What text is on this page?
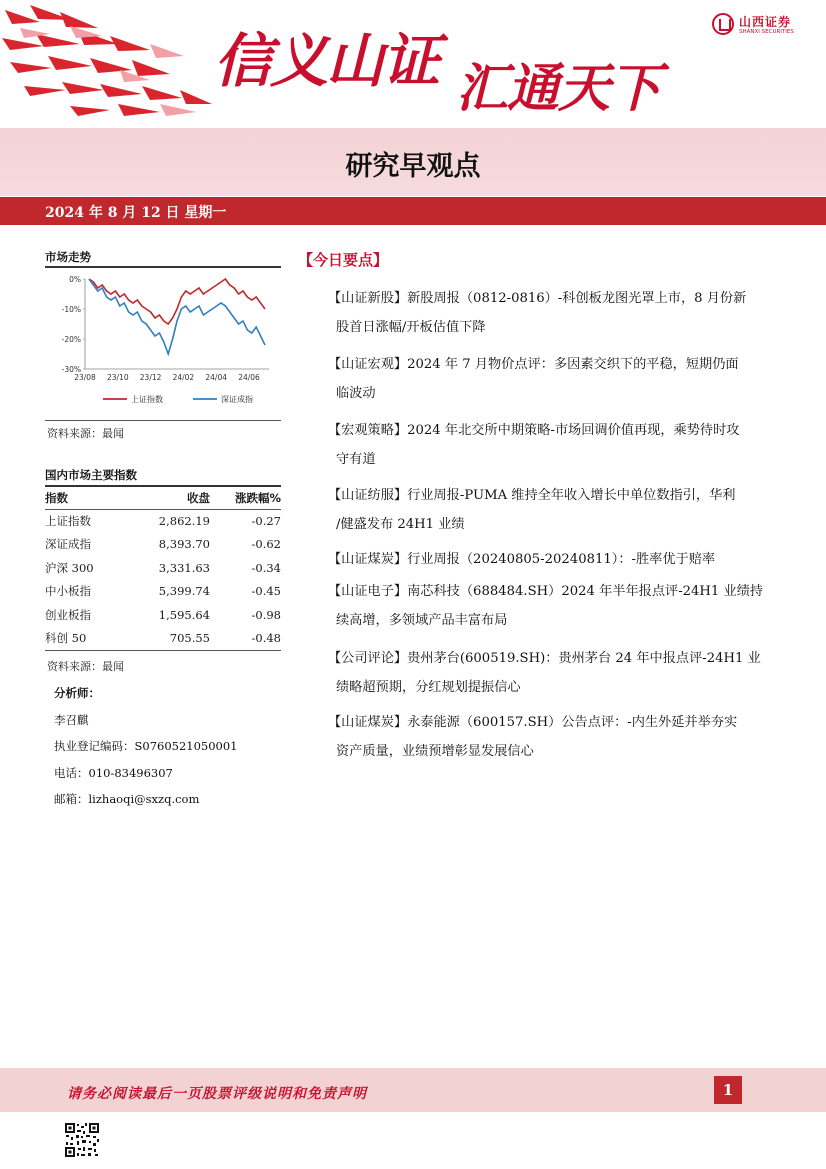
信义山证 汇通天下
山西证券
SHANXI SECURITIES
研究早观点
2024 年 8 月 12 日 星期一
市场走势
0%
-10%
-20%
-30%
23/08 23/10 23/12 24/02 24/04 24/06
上证指数	深证成指
资料来源：最闻
国内市场主要指数
指数	收盘	涨跌幅%
上证指数	2,862.19	-0.27
深证成指	8,393.70	-0.62
沪深 300	3,331.63	-0.34
中小板指	5,399.74	-0.45
创业板指	1,595.64	-0.98
科创 50	705.55	-0.48
资料来源：最闻
分析师：
李召麒
执业登记编码：S0760521050001
电话：010-83496307
邮箱：lizhaoqi@sxzq.com
【今日要点】
【山证新股】新股周报（0812-0816）-科创板龙图光罩上市，8 月份新
股首日涨幅/开板估值下降
【山证宏观】2024 年 7 月物价点评：多因素交织下的平稳，短期仍面
临波动
【宏观策略】2024 年北交所中期策略-市场回调价值再现，乘势待时攻
守有道
【山证纺服】行业周报-PUMA 维持全年收入增长中单位数指引，华利
/健盛发布 24H1 业绩
【山证煤炭】行业周报（20240805-20240811）：-胜率优于赔率
【山证电子】南芯科技（688484.SH）2024 年半年报点评-24H1 业绩持
续高增，多领域产品丰富布局
【公司评论】贵州茅台(600519.SH)：贵州茅台 24 年中报点评-24H1 业
绩略超预期，分红规划提振信心
【山证煤炭】永泰能源（600157.SH）公告点评：-内生外延并举夯实
资产质量，业绩预增彰显发展信心
请务必阅读最后一页股票评级说明和免责声明	1
